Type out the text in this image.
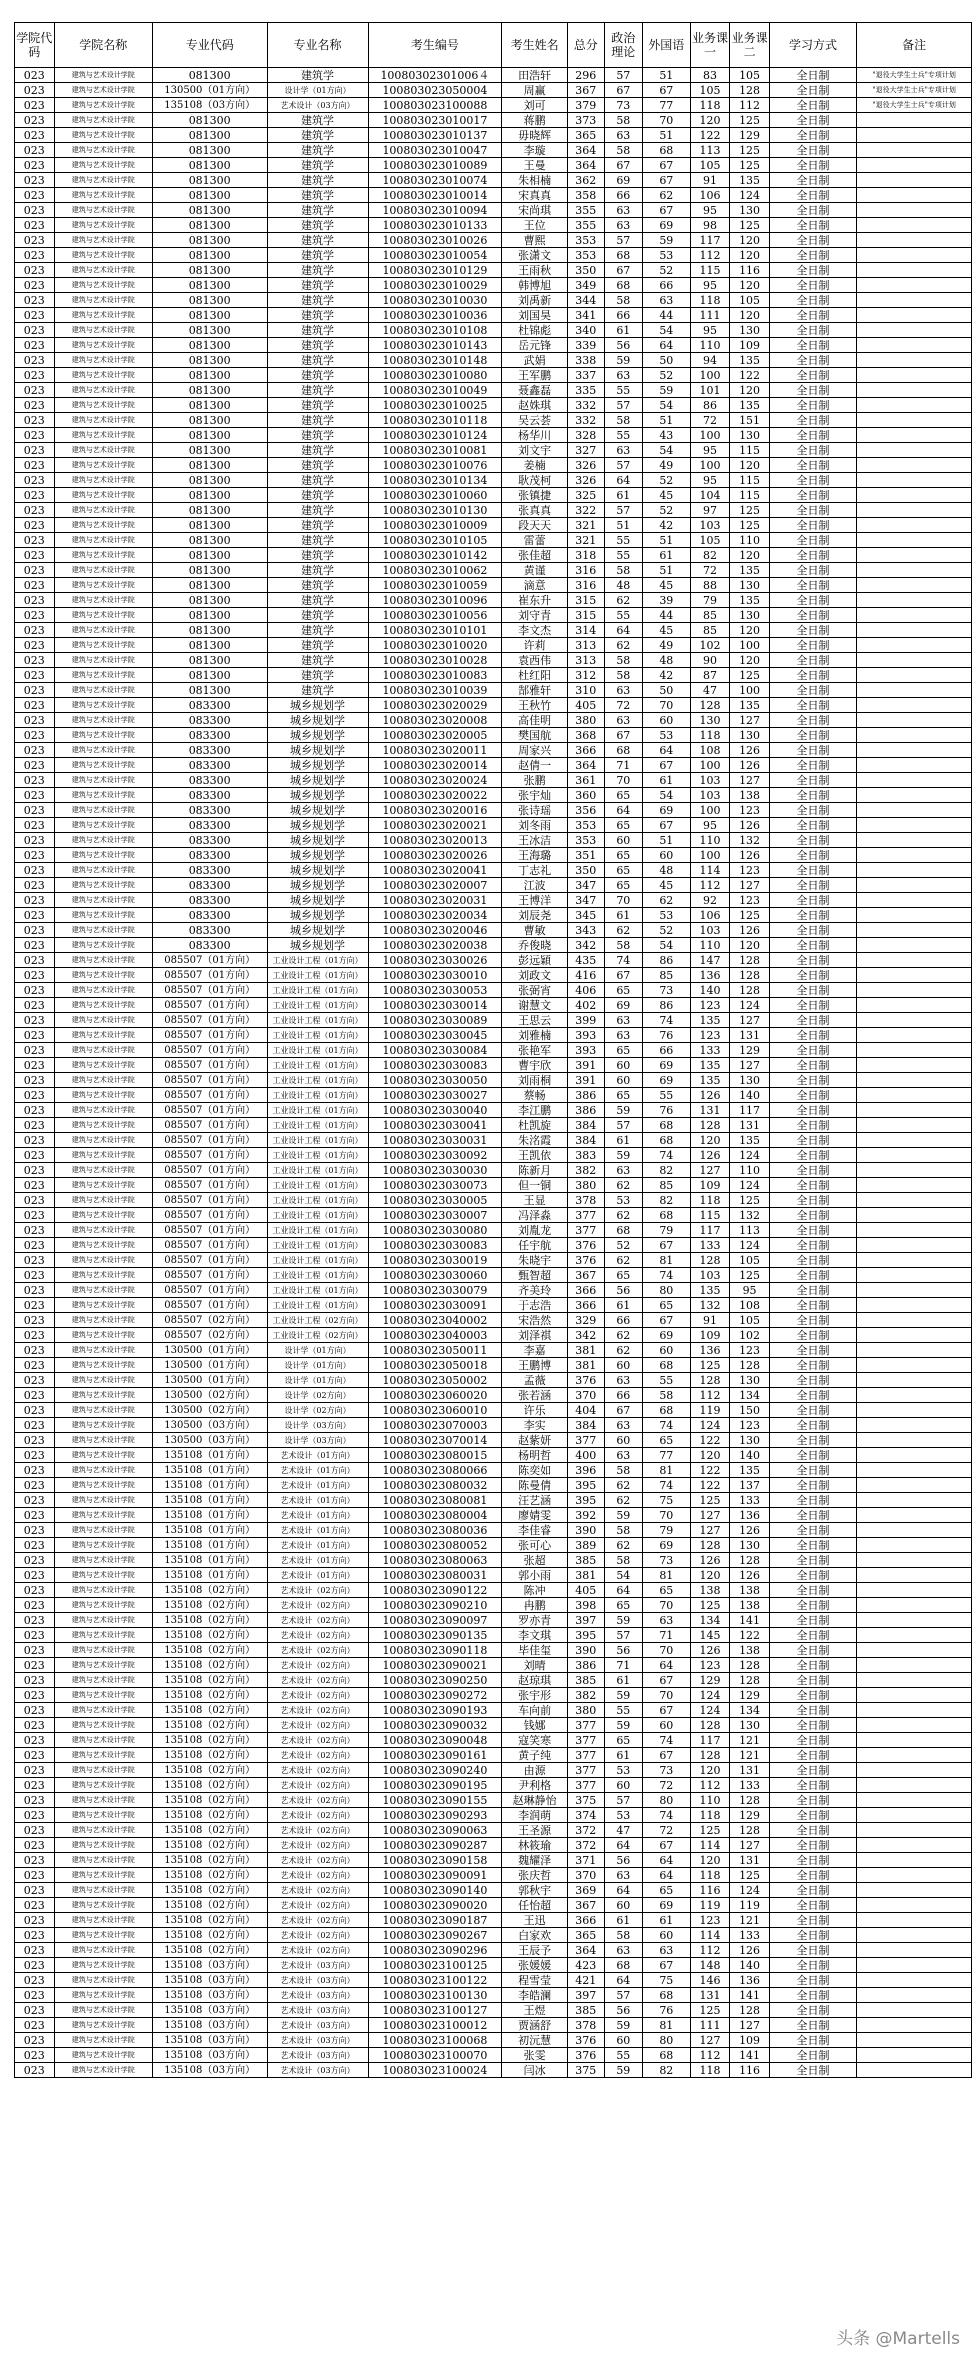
学院代码	学院名称	专业代码	专业名称	考生编号	考生姓名	总分	政治理论	外国语	业务课一	业务课二	学习方式	备注
023	建筑与艺术设计学院	081300	建筑学	10080302301006４	田浩轩	296	57	51	83	105	全日制	"退役大学生士兵"专项计划
023	建筑与艺术设计学院	130500（01方向）	设计学（01方向）	100803023050004	周赢	367	67	67	105	128	全日制	"退役大学生士兵"专项计划
023	建筑与艺术设计学院	135108（03方向）	艺术设计（03方向）	100803023100088	刘可	379	73	77	118	112	全日制	"退役大学生士兵"专项计划
023	建筑与艺术设计学院	081300	建筑学	100803023010017	蒋鹏	373	58	70	120	125	全日制	
023	建筑与艺术设计学院	081300	建筑学	100803023010137	毋晓辉	365	63	51	122	129	全日制	
023	建筑与艺术设计学院	081300	建筑学	100803023010047	李璇	364	58	68	113	125	全日制	
023	建筑与艺术设计学院	081300	建筑学	100803023010089	王曼	364	67	67	105	125	全日制	
023	建筑与艺术设计学院	081300	建筑学	100803023010074	朱相楠	362	69	67	91	135	全日制	
023	建筑与艺术设计学院	081300	建筑学	100803023010014	宋真真	358	66	62	106	124	全日制	
023	建筑与艺术设计学院	081300	建筑学	100803023010094	宋尚琪	355	63	67	95	130	全日制	
023	建筑与艺术设计学院	081300	建筑学	100803023010133	王位	355	63	69	98	125	全日制	
023	建筑与艺术设计学院	081300	建筑学	100803023010026	曹熙	353	57	59	117	120	全日制	
023	建筑与艺术设计学院	081300	建筑学	100803023010054	张潇文	353	68	53	112	120	全日制	
023	建筑与艺术设计学院	081300	建筑学	100803023010129	王雨秋	350	67	52	115	116	全日制	
023	建筑与艺术设计学院	081300	建筑学	100803023010029	韩博旭	349	68	66	95	120	全日制	
023	建筑与艺术设计学院	081300	建筑学	100803023010030	刘禹新	344	58	63	118	105	全日制	
023	建筑与艺术设计学院	081300	建筑学	100803023010036	刘国昊	341	66	44	111	120	全日制	
023	建筑与艺术设计学院	081300	建筑学	100803023010108	杜锦彪	340	61	54	95	130	全日制	
023	建筑与艺术设计学院	081300	建筑学	100803023010143	岳元锋	339	56	64	110	109	全日制	
023	建筑与艺术设计学院	081300	建筑学	100803023010148	武娟	338	59	50	94	135	全日制	
023	建筑与艺术设计学院	081300	建筑学	100803023010080	王军鹏	337	63	52	100	122	全日制	
023	建筑与艺术设计学院	081300	建筑学	100803023010049	聂鑫磊	335	55	59	101	120	全日制	
023	建筑与艺术设计学院	081300	建筑学	100803023010025	赵姝琪	332	57	54	86	135	全日制	
023	建筑与艺术设计学院	081300	建筑学	100803023010118	吴云荟	332	58	51	72	151	全日制	
023	建筑与艺术设计学院	081300	建筑学	100803023010124	杨华川	328	55	43	100	130	全日制	
023	建筑与艺术设计学院	081300	建筑学	100803023010081	刘文宇	327	63	54	95	115	全日制	
023	建筑与艺术设计学院	081300	建筑学	100803023010076	姜楠	326	57	49	100	120	全日制	
023	建筑与艺术设计学院	081300	建筑学	100803023010134	耿茂柯	326	64	52	95	115	全日制	
023	建筑与艺术设计学院	081300	建筑学	100803023010060	张镇捷	325	61	45	104	115	全日制	
023	建筑与艺术设计学院	081300	建筑学	100803023010130	张真真	322	57	52	97	125	全日制	
023	建筑与艺术设计学院	081300	建筑学	100803023010009	段天天	321	51	42	103	125	全日制	
023	建筑与艺术设计学院	081300	建筑学	100803023010105	雷蕾	321	55	51	105	110	全日制	
023	建筑与艺术设计学院	081300	建筑学	100803023010142	张佳超	318	55	61	82	120	全日制	
023	建筑与艺术设计学院	081300	建筑学	100803023010062	黄谨	316	58	51	72	135	全日制	
023	建筑与艺术设计学院	081300	建筑学	100803023010059	滴意	316	48	45	88	130	全日制	
023	建筑与艺术设计学院	081300	建筑学	100803023010096	崔东升	315	62	39	79	135	全日制	
023	建筑与艺术设计学院	081300	建筑学	100803023010056	刘守青	315	55	44	85	130	全日制	
023	建筑与艺术设计学院	081300	建筑学	100803023010101	李文杰	314	64	45	85	120	全日制	
023	建筑与艺术设计学院	081300	建筑学	100803023010020	许莉	313	62	49	102	100	全日制	
023	建筑与艺术设计学院	081300	建筑学	100803023010028	袁西伟	313	58	48	90	120	全日制	
023	建筑与艺术设计学院	081300	建筑学	100803023010083	杜红阳	312	58	42	87	125	全日制	
023	建筑与艺术设计学院	081300	建筑学	100803023010039	郜雅轩	310	63	50	47	100	全日制	
023	建筑与艺术设计学院	083300	城乡规划学	100803023020029	王秋竹	405	72	70	128	135	全日制	
023	建筑与艺术设计学院	083300	城乡规划学	100803023020008	高佳明	380	63	60	130	127	全日制	
023	建筑与艺术设计学院	083300	城乡规划学	100803023020005	樊国航	368	67	53	118	130	全日制	
023	建筑与艺术设计学院	083300	城乡规划学	100803023020011	周家兴	366	68	64	108	126	全日制	
023	建筑与艺术设计学院	083300	城乡规划学	100803023020014	赵倩一	364	71	67	100	126	全日制	
023	建筑与艺术设计学院	083300	城乡规划学	100803023020024	张鹏	361	70	61	103	127	全日制	
023	建筑与艺术设计学院	083300	城乡规划学	100803023020022	张宇灿	360	65	54	103	138	全日制	
023	建筑与艺术设计学院	083300	城乡规划学	100803023020016	张诗瑶	356	64	69	100	123	全日制	
023	建筑与艺术设计学院	083300	城乡规划学	100803023020021	刘冬雨	353	65	67	95	126	全日制	
023	建筑与艺术设计学院	083300	城乡规划学	100803023020013	王冰洁	353	60	51	110	132	全日制	
023	建筑与艺术设计学院	083300	城乡规划学	100803023020026	王海璐	351	65	60	100	126	全日制	
023	建筑与艺术设计学院	083300	城乡规划学	100803023020041	丁志礼	350	65	48	114	123	全日制	
023	建筑与艺术设计学院	083300	城乡规划学	100803023020007	江波	347	65	45	112	127	全日制	
023	建筑与艺术设计学院	083300	城乡规划学	100803023020031	王博洋	347	70	62	92	123	全日制	
023	建筑与艺术设计学院	083300	城乡规划学	100803023020034	刘辰尧	345	61	53	106	125	全日制	
023	建筑与艺术设计学院	083300	城乡规划学	100803023020046	曹敏	343	62	52	103	126	全日制	
023	建筑与艺术设计学院	083300	城乡规划学	100803023020038	乔俊晓	342	58	54	110	120	全日制	
023	建筑与艺术设计学院	085507（01方向）	工业设计工程（01方向）	100803023030026	彭远穎	435	74	86	147	128	全日制	
023	建筑与艺术设计学院	085507（01方向）	工业设计工程（01方向）	100803023030010	刘政文	416	67	85	136	128	全日制	
023	建筑与艺术设计学院	085507（01方向）	工业设计工程（01方向）	100803023030053	张弼宵	406	65	73	140	128	全日制	
023	建筑与艺术设计学院	085507（01方向）	工业设计工程（01方向）	100803023030014	谢慧文	402	69	86	123	124	全日制	
023	建筑与艺术设计学院	085507（01方向）	工业设计工程（01方向）	100803023030089	王思云	399	63	74	135	127	全日制	
023	建筑与艺术设计学院	085507（01方向）	工业设计工程（01方向）	100803023030045	刘雅楠	393	63	76	123	131	全日制	
023	建筑与艺术设计学院	085507（01方向）	工业设计工程（01方向）	100803023030084	张艳军	393	65	66	133	129	全日制	
023	建筑与艺术设计学院	085507（01方向）	工业设计工程（01方向）	100803023030083	曹宇欣	391	60	69	135	127	全日制	
023	建筑与艺术设计学院	085507（01方向）	工业设计工程（01方向）	100803023030050	刘雨桐	391	60	69	135	130	全日制	
023	建筑与艺术设计学院	085507（01方向）	工业设计工程（01方向）	100803023030027	蔡畅	386	65	55	126	140	全日制	
023	建筑与艺术设计学院	085507（01方向）	工业设计工程（01方向）	100803023030040	李江鹏	386	59	76	131	117	全日制	
023	建筑与艺术设计学院	085507（01方向）	工业设计工程（01方向）	100803023030041	杜凯旋	384	57	68	128	131	全日制	
023	建筑与艺术设计学院	085507（01方向）	工业设计工程（01方向）	100803023030031	朱洺霞	384	61	68	120	135	全日制	
023	建筑与艺术设计学院	085507（01方向）	工业设计工程（01方向）	100803023030092	王凯依	383	59	74	126	124	全日制	
023	建筑与艺术设计学院	085507（01方向）	工业设计工程（01方向）	100803023030030	陈新月	382	63	82	127	110	全日制	
023	建筑与艺术设计学院	085507（01方向）	工业设计工程（01方向）	100803023030073	但一铜	380	62	85	109	124	全日制	
023	建筑与艺术设计学院	085507（01方向）	工业设计工程（01方向）	100803023030005	王显	378	53	82	118	125	全日制	
023	建筑与艺术设计学院	085507（01方向）	工业设计工程（01方向）	100803023030007	冯泽淼	377	62	68	115	132	全日制	
023	建筑与艺术设计学院	085507（01方向）	工业设计工程（01方向）	100803023030080	刘胤龙	377	68	79	117	113	全日制	
023	建筑与艺术设计学院	085507（01方向）	工业设计工程（01方向）	100803023030083	任宇航	376	52	67	133	124	全日制	
023	建筑与艺术设计学院	085507（01方向）	工业设计工程（01方向）	100803023030019	朱晓宇	376	62	81	128	105	全日制	
023	建筑与艺术设计学院	085507（01方向）	工业设计工程（01方向）	100803023030060	甄智超	367	65	74	103	125	全日制	
023	建筑与艺术设计学院	085507（01方向）	工业设计工程（01方向）	100803023030079	齐美玲	366	56	80	135	95	全日制	
023	建筑与艺术设计学院	085507（01方向）	工业设计工程（01方向）	100803023030091	于志浩	366	61	65	132	108	全日制	
023	建筑与艺术设计学院	085507（02方向）	工业设计工程（02方向）	100803023040002	宋浩然	329	66	67	91	105	全日制	
023	建筑与艺术设计学院	085507（02方向）	工业设计工程（02方向）	100803023040003	刘泽祺	342	62	69	109	102	全日制	
023	建筑与艺术设计学院	130500（01方向）	设计学（01方向）	100803023050011	李嘉	381	62	60	136	123	全日制	
023	建筑与艺术设计学院	130500（01方向）	设计学（01方向）	100803023050018	王鹏博	381	60	68	125	128	全日制	
023	建筑与艺术设计学院	130500（01方向）	设计学（01方向）	100803023050002	孟薇	376	63	55	128	130	全日制	
023	建筑与艺术设计学院	130500（02方向）	设计学（02方向）	100803023060020	张若涵	370	66	58	112	134	全日制	
023	建筑与艺术设计学院	130500（02方向）	设计学（02方向）	100803023060010	许乐	404	67	68	119	150	全日制	
023	建筑与艺术设计学院	130500（03方向）	设计学（03方向）	100803023070003	李实	384	63	74	124	123	全日制	
023	建筑与艺术设计学院	130500（03方向）	设计学（03方向）	100803023070014	赵紫妍	377	60	65	122	130	全日制	
023	建筑与艺术设计学院	135108（01方向）	艺术设计（01方向）	100803023080015	杨明哲	400	63	77	120	140	全日制	
023	建筑与艺术设计学院	135108（01方向）	艺术设计（01方向）	100803023080066	陈奕如	396	58	81	122	135	全日制	
023	建筑与艺术设计学院	135108（01方向）	艺术设计（01方向）	100803023080032	陈曼倩	395	62	74	122	137	全日制	
023	建筑与艺术设计学院	135108（01方向）	艺术设计（01方向）	100803023080081	汪艺涵	395	62	75	125	133	全日制	
023	建筑与艺术设计学院	135108（01方向）	艺术设计（01方向）	100803023080004	廖婧雯	392	59	70	127	136	全日制	
023	建筑与艺术设计学院	135108（01方向）	艺术设计（01方向）	100803023080036	李佳睿	390	58	79	127	126	全日制	
023	建筑与艺术设计学院	135108（01方向）	艺术设计（01方向）	100803023080052	张可心	389	62	69	128	130	全日制	
023	建筑与艺术设计学院	135108（01方向）	艺术设计（01方向）	100803023080063	张超	385	58	73	126	128	全日制	
023	建筑与艺术设计学院	135108（01方向）	艺术设计（01方向）	100803023080031	郭小雨	381	54	81	120	126	全日制	
023	建筑与艺术设计学院	135108（02方向）	艺术设计（02方向）	100803023090122	陈冲	405	64	65	138	138	全日制	
023	建筑与艺术设计学院	135108（02方向）	艺术设计（02方向）	100803023090210	冉鹏	398	65	70	125	138	全日制	
023	建筑与艺术设计学院	135108（02方向）	艺术设计（02方向）	100803023090097	罗亦青	397	59	63	134	141	全日制	
023	建筑与艺术设计学院	135108（02方向）	艺术设计（02方向）	100803023090135	李文琪	395	57	71	145	122	全日制	
023	建筑与艺术设计学院	135108（02方向）	艺术设计（02方向）	100803023090118	毕佳玺	390	56	70	126	138	全日制	
023	建筑与艺术设计学院	135108（02方向）	艺术设计（02方向）	100803023090021	刘晴	386	71	64	123	128	全日制	
023	建筑与艺术设计学院	135108（02方向）	艺术设计（02方向）	100803023090250	赵琼琪	385	61	67	129	128	全日制	
023	建筑与艺术设计学院	135108（02方向）	艺术设计（02方向）	100803023090272	张宇形	382	59	70	124	129	全日制	
023	建筑与艺术设计学院	135108（02方向）	艺术设计（02方向）	100803023090193	车向前	380	55	67	124	134	全日制	
023	建筑与艺术设计学院	135108（02方向）	艺术设计（02方向）	100803023090032	钱娜	377	59	60	128	130	全日制	
023	建筑与艺术设计学院	135108（02方向）	艺术设计（02方向）	100803023090048	寇笑寒	377	65	74	117	121	全日制	
023	建筑与艺术设计学院	135108（02方向）	艺术设计（02方向）	100803023090161	黄子纯	377	61	67	128	121	全日制	
023	建筑与艺术设计学院	135108（02方向）	艺术设计（02方向）	100803023090240	由源	377	53	73	120	131	全日制	
023	建筑与艺术设计学院	135108（02方向）	艺术设计（02方向）	100803023090195	尹利格	377	60	72	112	133	全日制	
023	建筑与艺术设计学院	135108（02方向）	艺术设计（02方向）	100803023090155	赵琳静怡	375	57	80	110	128	全日制	
023	建筑与艺术设计学院	135108（02方向）	艺术设计（02方向）	100803023090293	李润萌	374	53	74	118	129	全日制	
023	建筑与艺术设计学院	135108（02方向）	艺术设计（02方向）	100803023090063	王圣源	372	47	72	125	128	全日制	
023	建筑与艺术设计学院	135108（02方向）	艺术设计（02方向）	100803023090287	林筱瑜	372	64	67	114	127	全日制	
023	建筑与艺术设计学院	135108（02方向）	艺术设计（02方向）	100803023090158	魏耀泽	371	56	64	120	131	全日制	
023	建筑与艺术设计学院	135108（02方向）	艺术设计（02方向）	100803023090091	张庆哲	370	63	64	118	125	全日制	
023	建筑与艺术设计学院	135108（02方向）	艺术设计（02方向）	100803023090140	郭秋宇	369	64	65	116	124	全日制	
023	建筑与艺术设计学院	135108（02方向）	艺术设计（02方向）	100803023090020	任怡超	367	60	69	119	119	全日制	
023	建筑与艺术设计学院	135108（02方向）	艺术设计（02方向）	100803023090187	王迅	366	61	61	123	121	全日制	
023	建筑与艺术设计学院	135108（02方向）	艺术设计（02方向）	100803023090267	白家欢	365	58	60	114	133	全日制	
023	建筑与艺术设计学院	135108（02方向）	艺术设计（02方向）	100803023090296	王辰予	364	63	63	112	126	全日制	
023	建筑与艺术设计学院	135108（03方向）	艺术设计（03方向）	100803023100125	张媛媛	423	68	67	148	140	全日制	
023	建筑与艺术设计学院	135108（03方向）	艺术设计（03方向）	100803023100122	程雪莹	421	64	75	146	136	全日制	
023	建筑与艺术设计学院	135108（03方向）	艺术设计（03方向）	100803023100130	李皓澜	397	57	68	131	141	全日制	
023	建筑与艺术设计学院	135108（03方向）	艺术设计（03方向）	100803023100127	王煜	385	56	76	125	128	全日制	
023	建筑与艺术设计学院	135108（03方向）	艺术设计（03方向）	100803023100012	贾涵舒	378	59	81	111	127	全日制	
023	建筑与艺术设计学院	135108（03方向）	艺术设计（03方向）	100803023100068	初沅慧	376	60	80	127	109	全日制	
023	建筑与艺术设计学院	135108（03方向）	艺术设计（03方向）	100803023100070	张雯	376	55	68	112	141	全日制	
023	建筑与艺术设计学院	135108（03方向）	艺术设计（03方向）	100803023100024	闫冰	375	59	82	118	116	全日制	
头条 @Martells
